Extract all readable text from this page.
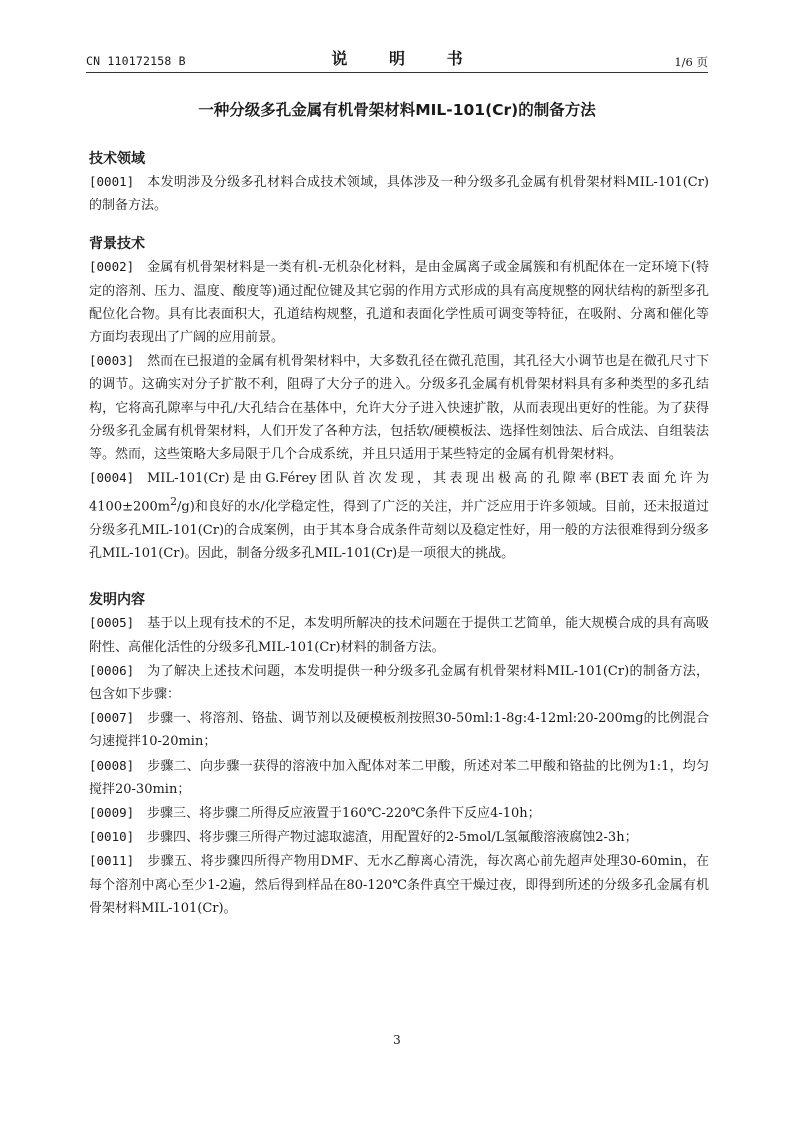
CN 110172158 B	说 明 书	1/6 页
一种分级多孔金属有机骨架材料MIL-101(Cr)的制备方法
技术领域

[0001] 本发明涉及分级多孔材料合成技术领域，具体涉及一种分级多孔金属有机骨架材料MIL-101(Cr)的制备方法。

背景技术

[0002] 金属有机骨架材料是一类有机-无机杂化材料，是由金属离子或金属簇和有机配体在一定环境下(特定的溶剂、压力、温度、酸度等)通过配位键及其它弱的作用方式形成的具有高度规整的网状结构的新型多孔配位化合物。具有比表面积大，孔道结构规整，孔道和表面化学性质可调变等特征，在吸附、分离和催化等方面均表现出了广阔的应用前景。

[0003] 然而在已报道的金属有机骨架材料中，大多数孔径在微孔范围，其孔径大小调节也是在微孔尺寸下的调节。这确实对分子扩散不利，阻碍了大分子的进入。分级多孔金属有机骨架材料具有多种类型的多孔结构，它将高孔隙率与中孔/大孔结合在基体中，允许大分子进入快速扩散，从而表现出更好的性能。为了获得分级多孔金属有机骨架材料，人们开发了各种方法，包括软/硬模板法、选择性刻蚀法、后合成法、自组装法等。然而，这些策略大多局限于几个合成系统，并且只适用于某些特定的金属有机骨架材料。

[0004] MIL-101(Cr)是由G.Férey团队首次发现，其表现出极高的孔隙率(BET表面允许为$4100\pm 200m^2/g$)和良好的水/化学稳定性，得到了广泛的关注，并广泛应用于许多领域。目前，还未报道过分级多孔MIL-101(Cr)的合成案例，由于其本身合成条件苛刻以及稳定性好，用一般的方法很难得到分级多孔MIL-101(Cr)。因此，制备分级多孔MIL-101(Cr)是一项很大的挑战。

发明内容

[0005] 基于以上现有技术的不足，本发明所解决的技术问题在于提供工艺简单，能大规模合成的具有高吸附性、高催化活性的分级多孔MIL-101(Cr)材料的制备方法。

[0006] 为了解决上述技术问题，本发明提供一种分级多孔金属有机骨架材料MIL-101(Cr)的制备方法，包含如下步骤：

[0007] 步骤一、将溶剂、铬盐、调节剂以及硬模板剂按照30-50ml:1-8g:4-12ml:20-200mg的比例混合匀速搅拌10-20min；

[0008] 步骤二、向步骤一获得的溶液中加入配体对苯二甲酸，所述对苯二甲酸和铬盐的比例为1:1，均匀搅拌20-30min；

[0009] 步骤三、将步骤二所得反应液置于160℃-220℃条件下反应4-10h；

[0010] 步骤四、将步骤三所得产物过滤取滤渣，用配置好的2-5mol/L氢氟酸溶液腐蚀2-3h；

[0011] 步骤五、将步骤四所得产物用DMF、无水乙醇离心清洗，每次离心前先超声处理30-60min，在每个溶剂中离心至少1-2遍，然后得到样品在80-120℃条件真空干燥过夜，即得到所述的分级多孔金属有机骨架材料MIL-101(Cr)。

3
